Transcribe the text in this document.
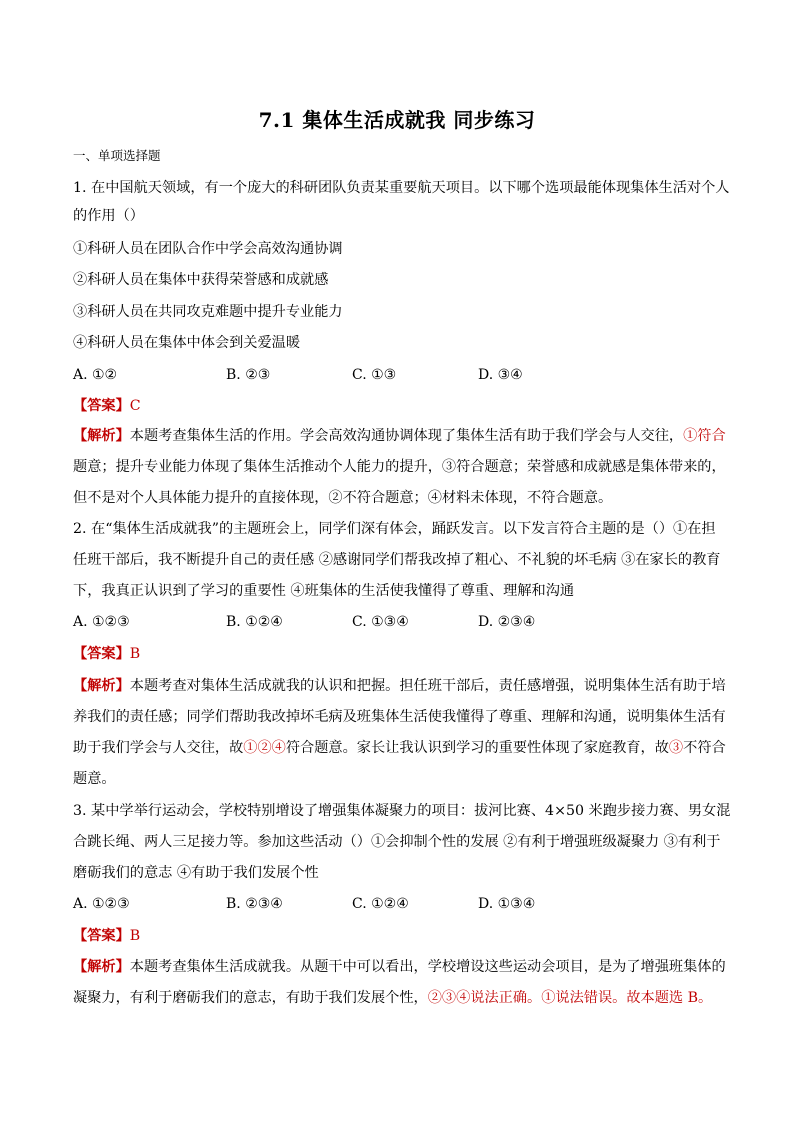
7.1 集体生活成就我 同步练习
一、单项选择题
1. 在中国航天领域，有一个庞大的科研团队负责某重要航天项目。以下哪个选项最能体现集体生活对个人
的作用（）
①科研人员在团队合作中学会高效沟通协调
②科研人员在集体中获得荣誉感和成就感
③科研人员在共同攻克难题中提升专业能力
④科研人员在集体中体会到关爱温暖
A. ①②	B. ②③	C. ①③	D. ③④
【答案】C
【解析】本题考查集体生活的作用。学会高效沟通协调体现了集体生活有助于我们学会与人交往，①符合
题意；提升专业能力体现了集体生活推动个人能力的提升，③符合题意；荣誉感和成就感是集体带来的，
但不是对个人具体能力提升的直接体现，②不符合题意；④材料未体现，不符合题意。
2. 在“集体生活成就我”的主题班会上，同学们深有体会，踊跃发言。以下发言符合主题的是（）①在担
任班干部后，我不断提升自己的责任感 ②感谢同学们帮我改掉了粗心、不礼貌的坏毛病 ③在家长的教育
下，我真正认识到了学习的重要性 ④班集体的生活使我懂得了尊重、理解和沟通
A. ①②③	B. ①②④	C. ①③④	D. ②③④
【答案】B
【解析】本题考查对集体生活成就我的认识和把握。担任班干部后，责任感增强，说明集体生活有助于培
养我们的责任感；同学们帮助我改掉坏毛病及班集体生活使我懂得了尊重、理解和沟通，说明集体生活有
助于我们学会与人交往，故①②④符合题意。家长让我认识到学习的重要性体现了家庭教育，故③不符合
题意。
3. 某中学举行运动会，学校特别增设了增强集体凝聚力的项目：拔河比赛、4×50 米跑步接力赛、男女混
合跳长绳、两人三足接力等。参加这些活动（）①会抑制个性的发展 ②有利于增强班级凝聚力 ③有利于
磨砺我们的意志 ④有助于我们发展个性
A. ①②③	B. ②③④	C. ①②④	D. ①③④
【答案】B
【解析】本题考查集体生活成就我。从题干中可以看出，学校增设这些运动会项目，是为了增强班集体的
凝聚力，有利于磨砺我们的意志，有助于我们发展个性，②③④说法正确。①说法错误。故本题选 B。
